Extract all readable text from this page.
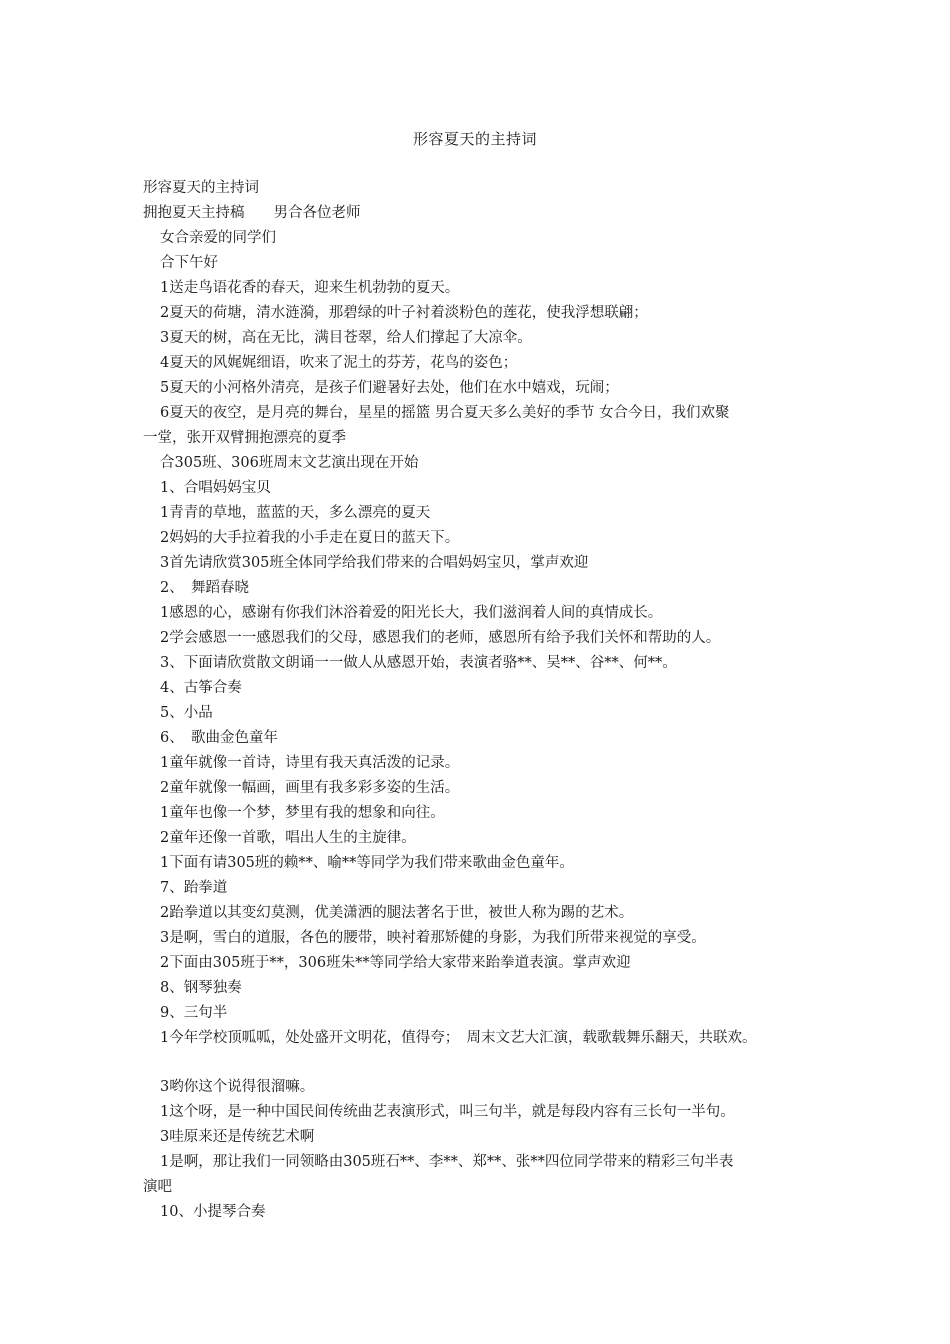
形容夏天的主持词
形容夏天的主持词
拥抱夏天主持稿　　男合各位老师
女合亲爱的同学们
合下午好
1送走鸟语花香的春天，迎来生机勃勃的夏天。
2夏天的荷塘，清水涟漪，那碧绿的叶子衬着淡粉色的莲花，使我浮想联翩；
3夏天的树，高在无比，满目苍翠，给人们撑起了大凉伞。
4夏天的风娓娓细语，吹来了泥土的芬芳，花鸟的姿色；
5夏天的小河格外清亮，是孩子们避暑好去处，他们在水中嬉戏，玩闹；
6夏天的夜空，是月亮的舞台，星星的摇篮 男合夏天多么美好的季节 女合今日，我们欢聚
一堂，张开双臂拥抱漂亮的夏季
合305班、306班周末文艺演出现在开始
1、合唱妈妈宝贝
1青青的草地，蓝蓝的天，多么漂亮的夏天
2妈妈的大手拉着我的小手走在夏日的蓝天下。
3首先请欣赏305班全体同学给我们带来的合唱妈妈宝贝，掌声欢迎
2、　舞蹈春晓
1感恩的心，感谢有你我们沐浴着爱的阳光长大，我们滋润着人间的真情成长。
2学会感恩一一感恩我们的父母，感恩我们的老师，感恩所有给予我们关怀和帮助的人。
3、下面请欣赏散文朗诵一一做人从感恩开始，表演者骆**、吴**、谷**、何**。
4、古筝合奏
5、小品
6、　歌曲金色童年
1童年就像一首诗，诗里有我天真活泼的记录。
2童年就像一幅画，画里有我多彩多姿的生活。
1童年也像一个梦，梦里有我的想象和向往。
2童年还像一首歌，唱出人生的主旋律。
1下面有请305班的赖**、喻**等同学为我们带来歌曲金色童年。
7、跆拳道
2跆拳道以其变幻莫测，优美潇洒的腿法著名于世，被世人称为踢的艺术。
3是啊，雪白的道服，各色的腰带，映衬着那矫健的身影，为我们所带来视觉的享受。
2下面由305班于**，306班朱**等同学给大家带来跆拳道表演。掌声欢迎
8、钢琴独奏
9、三句半
1今年学校顶呱呱，处处盛开文明花，值得夸；　周末文艺大汇演，载歌载舞乐翻天，共联欢。
3哟你这个说得很溜嘛。
1这个呀，是一种中国民间传统曲艺表演形式，叫三句半，就是每段内容有三长句一半句。
3哇原来还是传统艺术啊
1是啊，那让我们一同领略由305班石**、李**、郑**、张**四位同学带来的精彩三句半表
演吧
10、小提琴合奏
